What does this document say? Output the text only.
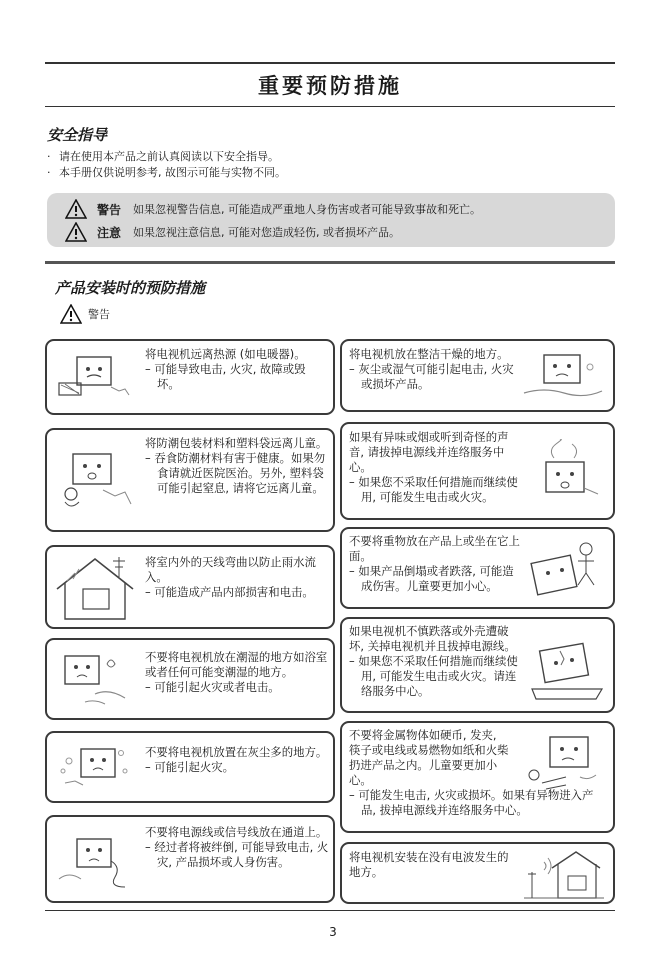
重要预防措施
安全指导
· 请在使用本产品之前认真阅读以下安全指导。
· 本手册仅供说明参考, 故图示可能与实物不同。
警告 如果忽视警告信息, 可能造成严重地人身伤害或者可能导致事故和死亡。
注意 如果忽视注意信息, 可能对您造成轻伤, 或者损坏产品。
产品安装时的预防措施
警告
将电视机远离热源 (如电暖器)。
– 可能导致电击, 火灾, 故障或毁坏。
将防潮包装材料和塑料袋远离儿童。
– 吞食防潮材料有害于健康。如果勿食请就近医院医治。另外, 塑料袋可能引起窒息, 请将它远离儿童。
将室内外的天线弯曲以防止雨水流入。
– 可能造成产品内部损害和电击。
不要将电视机放在潮湿的地方如浴室或者任何可能变潮湿的地方。
– 可能引起火灾或者电击。
不要将电视机放置在灰尘多的地方。
– 可能引起火灾。
不要将电源线或信号线放在通道上。
– 经过者将被绊倒, 可能导致电击, 火灾, 产品损坏或人身伤害。
将电视机放在整洁干燥的地方。
– 灰尘或湿气可能引起电击, 火灾或损坏产品。
如果有异味或烟或听到奇怪的声音, 请拔掉电源线并连络服务中心。
– 如果您不采取任何措施而继续使用, 可能发生电击或火灾。
不要将重物放在产品上或坐在它上面。
– 如果产品倒塌或者跌落, 可能造成伤害。儿童要更加小心。
如果电视机不慎跌落或外壳遭破坏, 关掉电视机并且拔掉电源线。
– 如果您不采取任何措施而继续使用, 可能发生电击或火灾。请连络服务中心。
不要将金属物体如硬币, 发夹, 筷子或电线或易燃物如纸和火柴扔进产品之内。儿童要更加小心。
– 可能发生电击, 火灾或损坏。如果有异物进入产品, 拔掉电源线并连络服务中心。
将电视机安装在没有电波发生的地方。
3
